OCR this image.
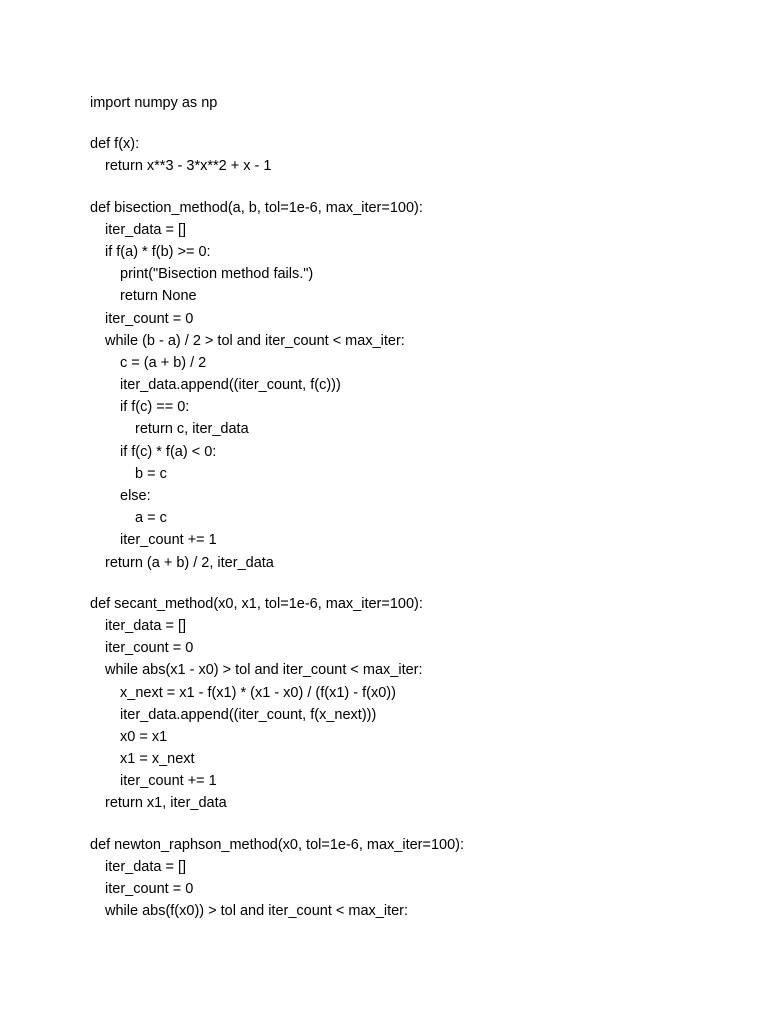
import numpy as np
def f(x):
return x**3 - 3*x**2 + x - 1
def bisection_method(a, b, tol=1e-6, max_iter=100):
iter_data = []
if f(a) * f(b) >= 0:
print("Bisection method fails.")
return None
iter_count = 0
while (b - a) / 2 > tol and iter_count < max_iter:
c = (a + b) / 2
iter_data.append((iter_count, f(c)))
if f(c) == 0:
return c, iter_data
if f(c) * f(a) < 0:
b = c
else:
a = c
iter_count += 1
return (a + b) / 2, iter_data
def secant_method(x0, x1, tol=1e-6, max_iter=100):
iter_data = []
iter_count = 0
while abs(x1 - x0) > tol and iter_count < max_iter:
x_next = x1 - f(x1) * (x1 - x0) / (f(x1) - f(x0))
iter_data.append((iter_count, f(x_next)))
x0 = x1
x1 = x_next
iter_count += 1
return x1, iter_data
def newton_raphson_method(x0, tol=1e-6, max_iter=100):
iter_data = []
iter_count = 0
while abs(f(x0)) > tol and iter_count < max_iter:
